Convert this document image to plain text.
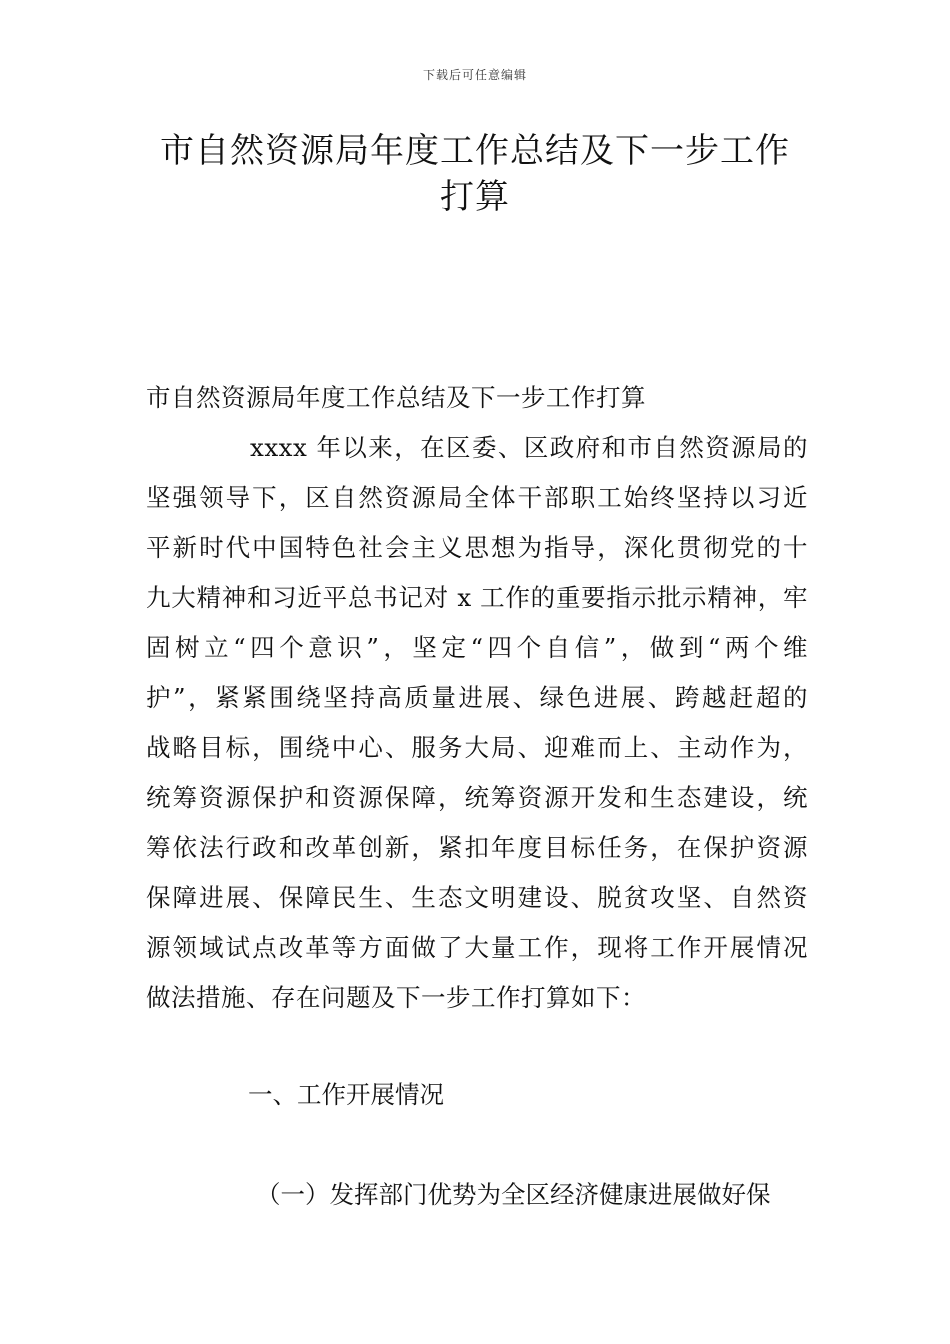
下载后可任意编辑
市自然资源局年度工作总结及下一步工作
打算
市自然资源局年度工作总结及下一步工作打算
xxxx 年以来，在区委、区政府和市自然资源局的
坚强领导下，区自然资源局全体干部职工始终坚持以习近
平新时代中国特色社会主义思想为指导，深化贯彻党的十
九大精神和习近平总书记对 x 工作的重要指示批示精神，牢
固树立“四个意识”，坚定“四个自信”，做到“两个维
护”，紧紧围绕坚持高质量进展、绿色进展、跨越赶超的
战略目标，围绕中心、服务大局、迎难而上、主动作为，
统筹资源保护和资源保障，统筹资源开发和生态建设，统
筹依法行政和改革创新，紧扣年度目标任务，在保护资源
保障进展、保障民生、生态文明建设、脱贫攻坚、自然资
源领域试点改革等方面做了大量工作，现将工作开展情况
做法措施、存在问题及下一步工作打算如下：
一、工作开展情况
（一）发挥部门优势为全区经济健康进展做好保
